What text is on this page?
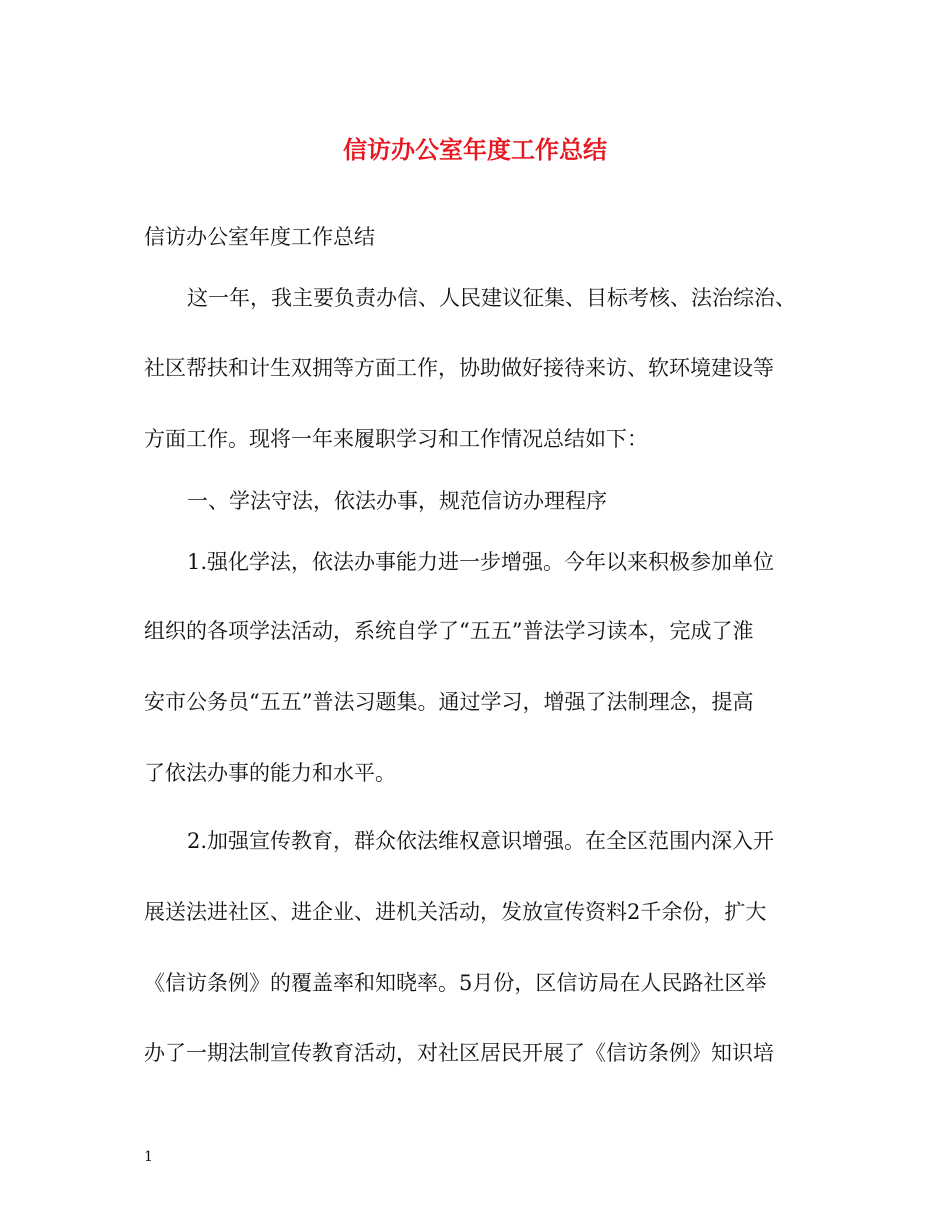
信访办公室年度工作总结
信访办公室年度工作总结
这一年，我主要负责办信、人民建议征集、目标考核、法治综治、
社区帮扶和计生双拥等方面工作，协助做好接待来访、软环境建设等
方面工作。现将一年来履职学习和工作情况总结如下：
一、学法守法，依法办事，规范信访办理程序
1.强化学法，依法办事能力进一步增强。今年以来积极参加单位
组织的各项学法活动，系统自学了“五五”普法学习读本，完成了淮
安市公务员“五五”普法习题集。通过学习，增强了法制理念，提高
了依法办事的能力和水平。
2.加强宣传教育，群众依法维权意识增强。在全区范围内深入开
展送法进社区、进企业、进机关活动，发放宣传资料2千余份，扩大
《信访条例》的覆盖率和知晓率。5月份，区信访局在人民路社区举
办了一期法制宣传教育活动，对社区居民开展了《信访条例》知识培
1
